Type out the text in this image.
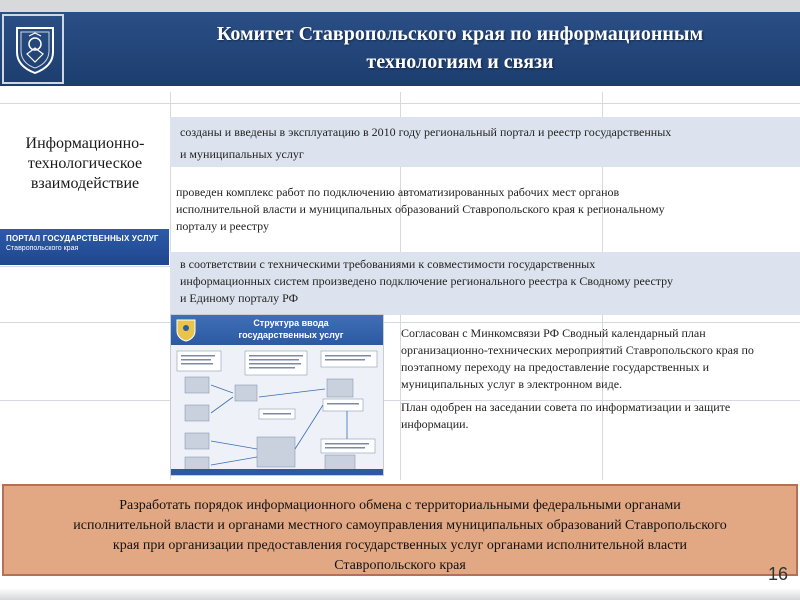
Комитет Ставропольского края по информационным
технологиям и связи
Информационно-
технологическое
взаимодействие
ПОРТАЛ ГОСУДАРСТВЕННЫХ УСЛУГ
Ставропольского края
созданы и введены в эксплуатацию в 2010 году региональный портал и реестр государственных
и муниципальных услуг
проведен комплекс работ по подключению автоматизированных рабочих мест органов
исполнительной власти и муниципальных образований Ставропольского края к региональному
порталу и реестру
в соответствии с техническими требованиями к совместимости государственных
информационных систем произведено подключение регионального реестра к Сводному реестру
и Единому порталу РФ
Структура ввода
государственных услуг	Согласован с Минкомсвязи РФ Сводный календарный план организационно-технических мероприятий Ставропольского края по поэтапному переходу на предоставление государственных и муниципальных услуг в электронном виде.

План одобрен на заседании совета по информатизации и защите информации.

Разработать порядок информационного обмена с территориальными федеральными органами
исполнительной власти и органами местного самоуправления муниципальных образований Ставропольского
края при организации предоставления государственных услуг органами исполнительной власти
Ставропольского края	16
